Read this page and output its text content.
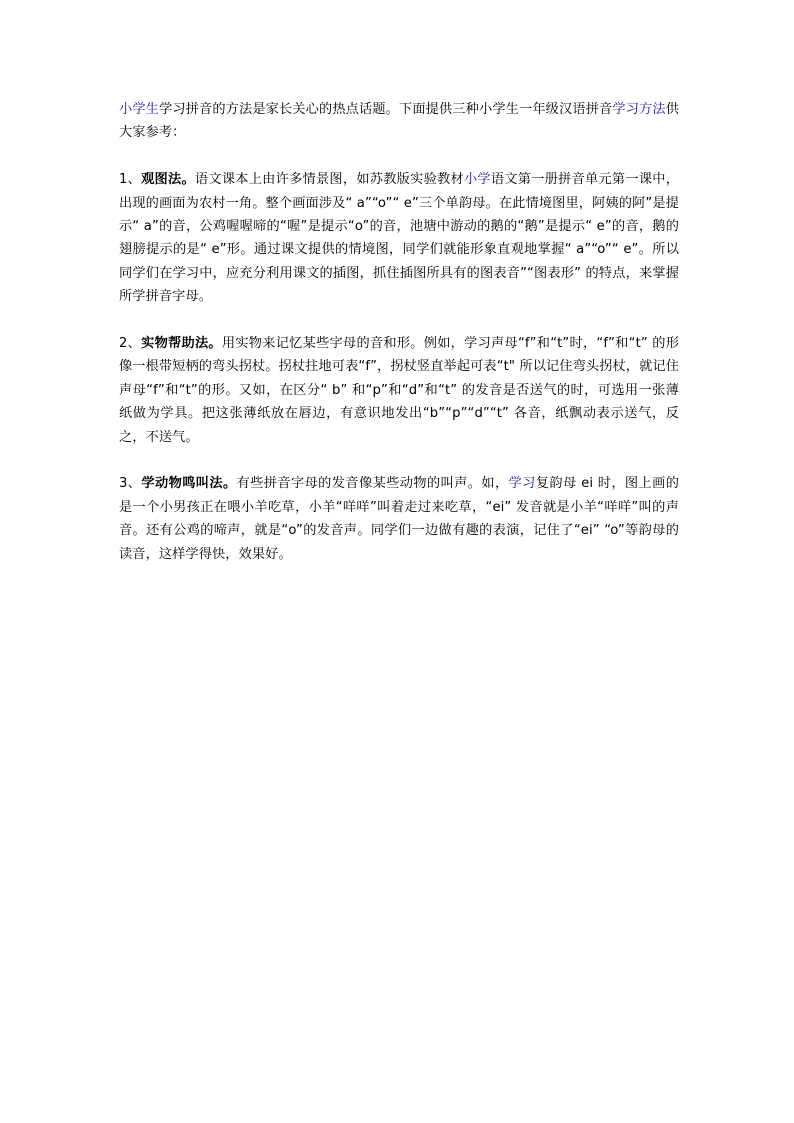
小学生学习拼音的方法是家长关心的热点话题。下面提供三种小学生一年级汉语拼音学习方法供大家参考：

1、观图法。语文课本上由许多情景图，如苏教版实验教材小学语文第一册拼音单元第一课中，出现的画面为农村一角。整个画面涉及“ a”“o”“ e”三个单韵母。在此情境图里，阿姨的阿”是提示“ a”的音，公鸡喔喔啼的“喔”是提示“o”的音，池塘中游动的鹅的“鹅”是提示“ e”的音，鹅的翅膀提示的是“ e”形。通过课文提供的情境图，同学们就能形象直观地掌握“ a”“o”“ e”。所以同学们在学习中，应充分利用课文的插图，抓住插图所具有的图表音”“图表形” 的特点，来掌握所学拼音字母。

2、实物帮助法。用实物来记忆某些字母的音和形。例如，学习声母“f”和“t”时，“f”和“t” 的形像一根带短柄的弯头拐杖。拐杖拄地可表“f”，拐杖竖直举起可表“t" 所以记住弯头拐杖，就记住声母“f”和“t”的形。又如，在区分“ b” 和“p”和“d”和“t” 的发音是否送气的时，可选用一张薄纸做为学具。把这张薄纸放在唇边，有意识地发出“b”“p”“d”“t” 各音，纸飘动表示送气，反之，不送气。

3、学动物鸣叫法。有些拼音字母的发音像某些动物的叫声。如，学习复韵母 ei 时，图上画的是一个小男孩正在喂小羊吃草，小羊“咩咩”叫着走过来吃草，“ei” 发音就是小羊“咩咩”叫的声音。还有公鸡的啼声，就是“o”的发音声。同学们一边做有趣的表演，记住了“ei” “o”等韵母的读音，这样学得快，效果好。
